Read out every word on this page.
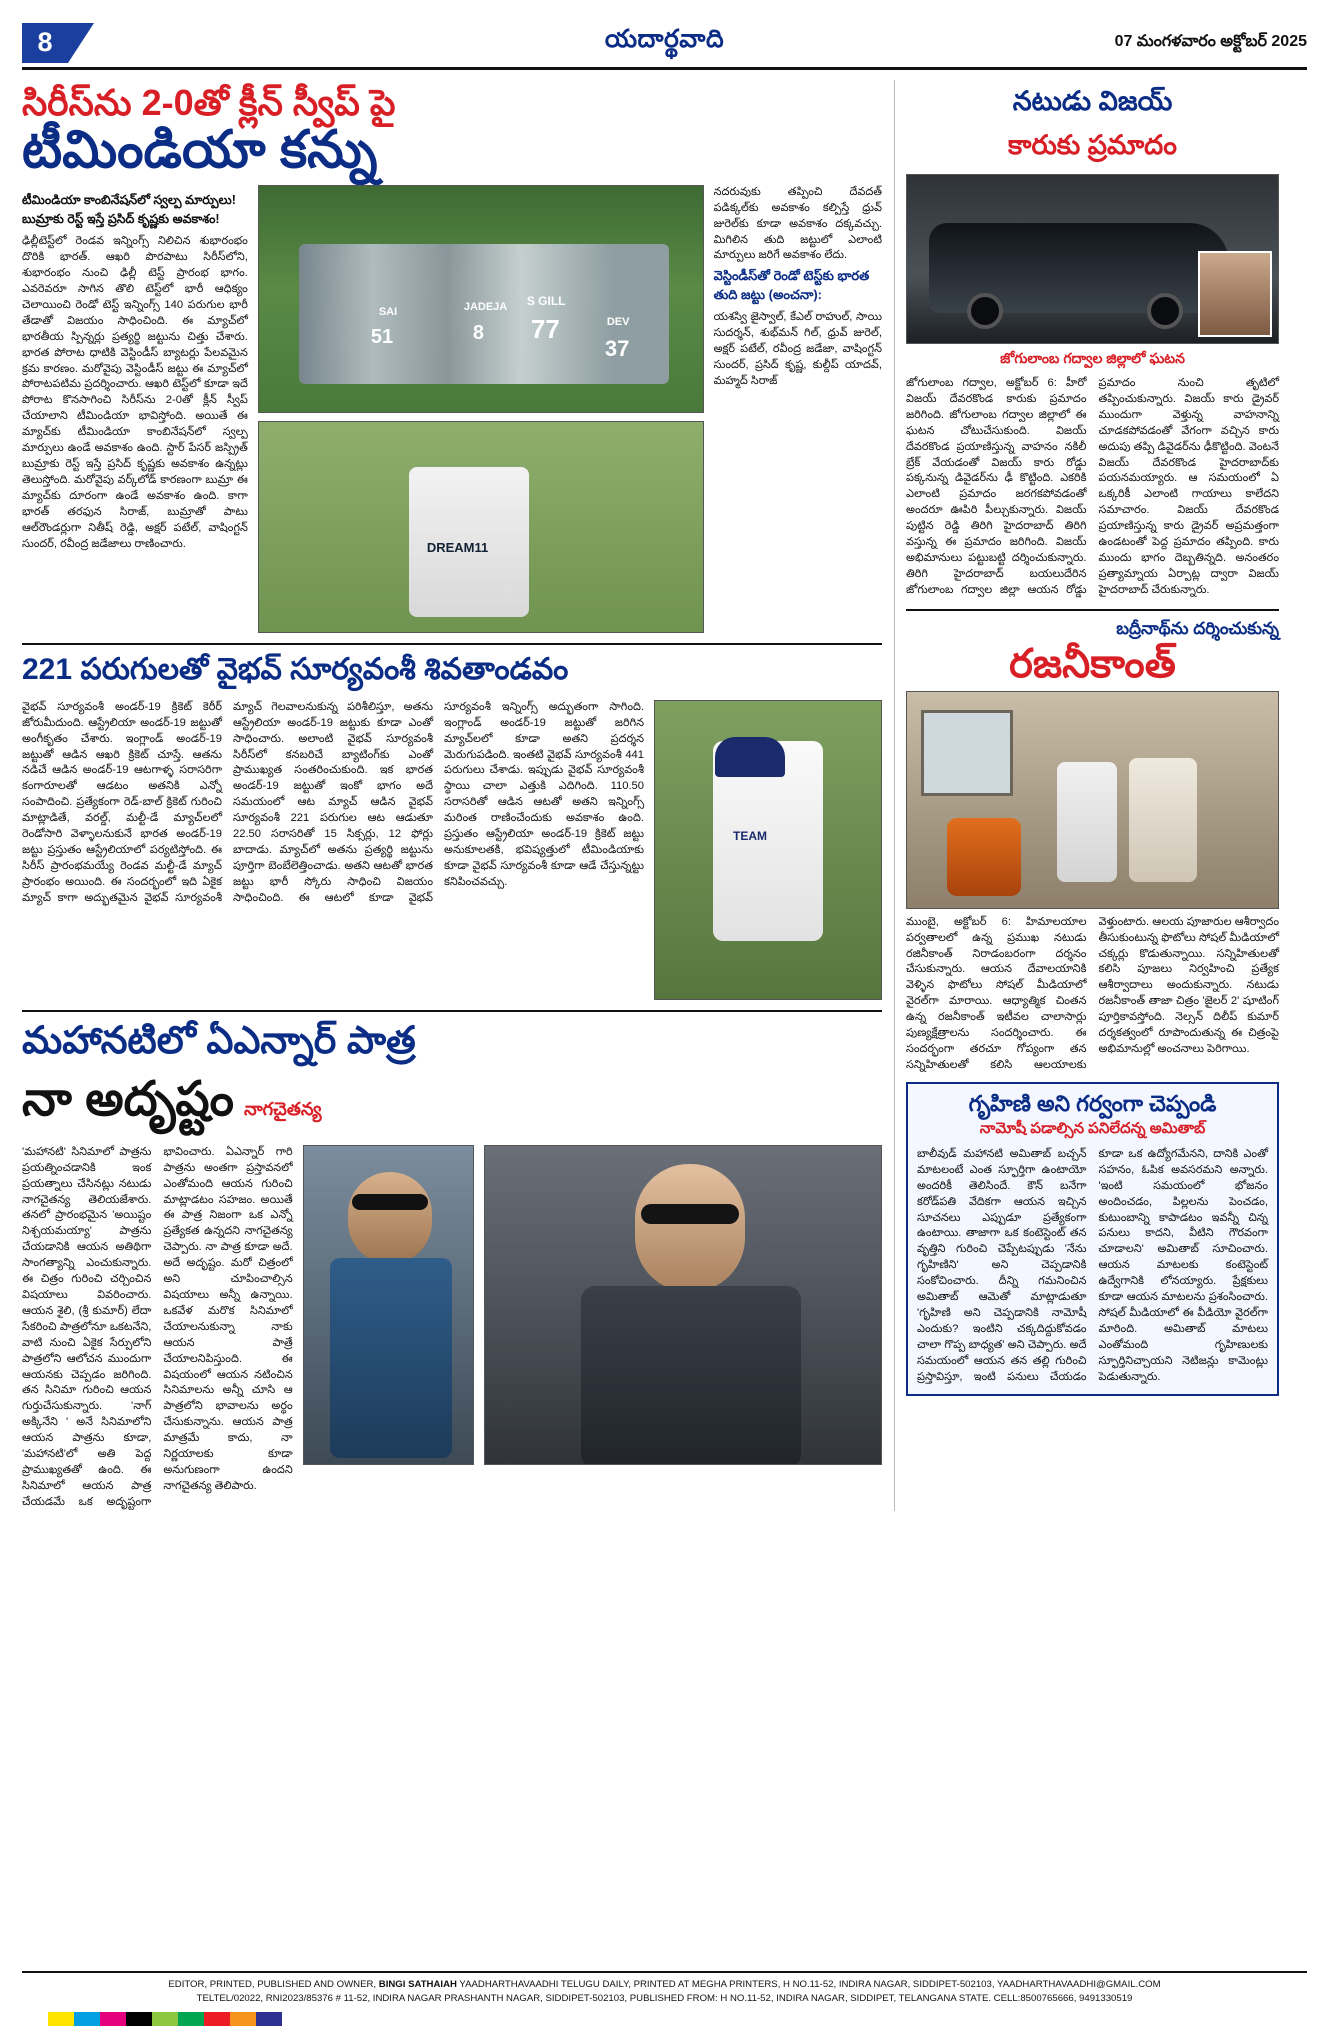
8	యదార్థవాది	07 మంగళవారం అక్టోబర్ 2025
సిరీస్‌ను 2-0తో క్లీన్ స్వీప్ పై
టీమిండియా కన్ను
టీమిండియా కాంబినేషన్‌లో స్వల్ప మార్పులు! బుమ్రాకు రెస్ట్ ఇస్తే ప్రసిద్ కృష్ణకు అవకాశం!
ఢిల్లీటెస్ట్‌లో రెండవ ఇన్నింగ్స్ నిలిచిన శుభారంభం దొరికి భారత్. ఆఖరి పొరపాటు సిరీస్‌లోని, శుభారంభం నుంచి ఢిల్లీ టెస్ట్ ప్రారంభ భాగం. ఎవరెవరూ సాగిన తొలి టెస్ట్‌లో భారీ ఆధిక్యం చెలాయించి రెండో టెస్ట్ ఇన్నింగ్స్ 140 పరుగుల భారీ తేడాతో విజయం సాధించింది. ఈ మ్యాచ్‌లో భారతీయ స్పిన్నర్లు ప్రత్యర్థి జట్టును చిత్తు చేశారు. భారత పోరాట ధాటికి వెస్టిండీస్ బ్యాటర్లు పేలవమైన క్రమ కారణం. మరోవైపు వెస్టిండీస్ జట్టు ఈ మ్యాచ్‌లో పోరాటపటిమ ప్రదర్శించారు. ఆఖరి టెస్ట్‌లో కూడా ఇదే పోరాట కొనసాగించి సిరీస్‌ను 2-0తో క్లీన్ స్వీప్ చేయాలాని టీమిండియా భావిస్తోంది. అయితే ఈ మ్యాచ్‌కు టీమిండియా కాంబినేషన్‌లో స్వల్ప మార్పులు ఉండే అవకాశం ఉంది. స్టార్ పేసర్ జస్ప్రిత్ బుమ్రాకు రెస్ట్ ఇస్తే ప్రసిద్ కృష్ణకు అవకాశం ఉన్నట్లు తెలుస్తోంది. మరోవైపు వర్క్‌లోడ్ కారణంగా బుమ్రా ఈ మ్యాచ్‌కు దూరంగా ఉండే అవకాశం ఉంది. కాగా భారత్ తరఫున సిరాజ్, బుమ్రాతో పాటు ఆల్‌రౌండర్లుగా నితీష్ రెడ్డి, అక్షర్ పటేల్, వాషింగ్టన్ సుందర్, రవీంద్ర జడేజాలు రాణించారు.
SAI
51
JADEJA
8
S GILL
77	DEV
37
DREAM11
నదరువుకు తప్పించి దేవదత్ పడిక్కల్‌కు అవకాశం కల్పిస్తే ధ్రువ్ జురెల్‌కు కూడా అవకాశం దక్కవచ్చు. మిగిలిన తుది జట్టులో ఎలాంటి మార్పులు జరిగే అవకాశం లేదు.
వెస్టిండీస్‌తో రెండో టెస్ట్‌కు భారత తుది జట్టు (అంచనా):
యశస్వి జైస్వాల్, కేఎల్ రాహుల్, సాయి సుదర్శన్, శుభ్‌మన్ గిల్, ధ్రువ్ జురెల్, అక్షర్ పటేల్, రవీంద్ర జడేజా, వాషింగ్టన్ సుందర్, ప్రసిద్ కృష్ణ, కుల్దీప్ యాదవ్, మహ్మద్ సిరాజ్
221 పరుగులతో వైభవ్ సూర్యవంశీ శివతాండవం
వైభవ్ సూర్యవంశీ అండర్-19 క్రికెట్ కెరీర్ జోరుమీదుంది. ఆస్ట్రేలియా అండర్-19 జట్టుతో అంగీకృతం చేశారు. ఇంగ్లాండ్ అండర్-19 జట్టుతో ఆడిన ఆఖరి క్రికెట్ చూస్తే. ఆతను నడిచే ఆడిన అండర్-19 ఆటగాళ్ళ సరాసరిగా కంగారూలతో ఆడటం అతనికి ఎన్నో సంపాదించి. ప్రత్యేకంగా రెడ్-బాల్ క్రికెట్ గురించి మాట్లాడితే, వరల్డ్, మల్టీ-డే మ్యాచ్‌లలో రెండోసారి వెళ్ళాలనుకునే భారత అండర్-19 జట్టు ప్రస్తుతం ఆస్ట్రేలియాలో పర్యటిస్తోంది. ఈ సిరీస్ ప్రారంభమయ్యే రెండవ మల్టీ-డే మ్యాచ్ ప్రారంభం అయింది. ఈ సందర్భంలో ఇది ఏకైక మ్యాచ్ కాగా అద్భుతమైన వైభవ్ సూర్యవంశీ మ్యాచ్ గెలవాలనుకున్న పరిశీలిస్తూ, అతను ఆస్ట్రేలియా అండర్-19 జట్టుకు కూడా ఎంతో సాధించారు. అలాంటి వైభవ్ సూర్యవంశీ సిరీస్‌లో కనబరిచే బ్యాటింగ్‌కు ఎంతో ప్రాముఖ్యత సంతరించుకుంది. ఇక భారత అండర్-19 జట్టుతో ఇంకో భాగం అదే సమయంలో ఆట మ్యాచ్ ఆడిన వైభవ్ సూర్యవంశీ 221 పరుగుల ఆట ఆడుతూ 22.50 సరాసరితో 15 సిక్సర్లు, 12 ఫోర్లు బాదాడు. మ్యాచ్‌లో అతను ప్రత్యర్థి జట్టును పూర్తిగా బెంబేలెత్తించాడు. అతని ఆటతో భారత జట్టు భారీ స్కోరు సాధించి విజయం సాధించింది. ఈ ఆటలో కూడా వైభవ్ సూర్యవంశీ ఇన్నింగ్స్ అద్భుతంగా సాగింది. ఇంగ్లాండ్ అండర్-19 జట్టుతో జరిగిన మ్యాచ్‌లలో కూడా అతని ప్రదర్శన మెరుగుపడింది. ఇంతటి వైభవ్ సూర్యవంశీ 441 పరుగులు చేశాడు. ఇప్పుడు వైభవ్ సూర్యవంశీ స్థాయి చాలా ఎత్తుకి ఎదిగింది. 110.50 సరాసరితో ఆడిన ఆటతో అతని ఇన్నింగ్స్ మరింత రాణించేందుకు అవకాశం ఉంది. ప్రస్తుతం ఆస్ట్రేలియా అండర్-19 క్రికెట్ జట్టు అనుకూలతకి, భవిష్యత్తులో టీమిండియాకు కూడా వైభవ్ సూర్యవంశీ కూడా ఆడే చేస్తున్నట్టు కనిపించవచ్చు.
TEAM
మహానటిలో ఏఎన్నార్ పాత్ర
నా అదృష్టం నాగచైతన్య
'మహానటి' సినిమాలో పాత్రను ప్రయత్నించడానికి ఇంక ప్రయత్నాలు చేసినట్లు నటుడు నాగచైతన్య తెలియజేశారు. తనలో ప్రారంభమైన 'అయిష్టం నిశ్చయమయ్యా' పాత్రను చేయడానికి ఆయన అతిథిగా సాంగత్యాన్ని ఎంచుకున్నారు. ఈ చిత్రం గురించి చర్చించిన విషయాలు వివరించారు. ఆయన శైలి, (శ్రీ కుమార్) లేదా సేకరించి పాత్రలోనూ ఒకటనేని, వాటి నుంచి ఏకైక సేర్పులోని పాత్రలోని ఆలోచన ముందుగా ఆయనకు చెప్పడం జరిగింది. తన సినిమా గురించి ఆయన గుర్తుచేసుకున్నారు. 'నాగ్ అక్కినేని ' అనే సినిమాలోని ఆయన పాత్రను కూడా, 'మహానటి'లో అతి పెద్ద ప్రాముఖ్యతతో ఉంది. ఈ సినిమాలో ఆయన పాత్ర చేయడమే ఒక అదృష్టంగా భావించారు. ఏఎన్నార్ గారి పాత్రను అంతగా ప్రస్తావనలో ఎంతోమంది ఆయన గురించి మాట్లాడటం సహజం. అయితే ఈ పాత్ర నిజంగా ఒక ఎన్నో ప్రత్యేకత ఉన్నదని నాగచైతన్య చెప్పారు. నా పాత్ర కూడా అదే. అదే అదృష్టం. మరో చిత్రంలో అని చూపించాల్సిన విషయాలు అన్నీ ఉన్నాయి. ఒకవేళ మరొక సినిమాలో చేయాలనుకున్నా నాకు ఆయన పాత్రే చేయాలనిపిస్తుంది. ఈ విషయంలో ఆయన నటించిన సినిమాలను అన్నీ చూసి ఆ పాత్రలోని భావాలను అర్థం చేసుకున్నాను. ఆయన పాత్ర మాత్రమే కాదు, నా నిర్ణయాలకు కూడా అనుగుణంగా ఉందని నాగచైతన్య తెలిపారు.
నటుడు విజయ్
కారుకు ప్రమాదం
జోగులాంబ గద్వాల జిల్లాలో ఘటన
జోగులాంబ గద్వాల, అక్టోబర్ 6: హీరో విజయ్ దేవరకొండ కారుకు ప్రమాదం జరిగింది. జోగులాంబ గద్వాల జిల్లాలో ఈ ఘటన చోటుచేసుకుంది. విజయ్ దేవరకొండ ప్రయాణిస్తున్న వాహనం నకిలీ బ్రేక్ వేయడంతో విజయ్ కారు రోడ్డు పక్కనున్న డివైడర్‌ను ఢీ కొట్టింది. ఎకరికి ఎలాంటి ప్రమాదం జరగకపోవడంతో అందరూ ఊపిరి పీల్చుకున్నారు. విజయ్ పుట్టిన రెడ్డి తిరిగి హైదరాబాద్ తిరిగి వస్తున్న ఈ ప్రమాదం జరిగింది. విజయ్ అభిమానులు పట్టుబట్టి దర్శించుకున్నారు. తిరిగి హైదరాబాద్ బయలుదేరిన జోగులాంబ గద్వాల జిల్లా ఆయన రోడ్డు ప్రమాదం నుంచి తృటిలో తప్పించుకున్నారు. విజయ్ కారు డ్రైవర్ ముందుగా వెళ్తున్న వాహనాన్ని చూడకపోవడంతో వేగంగా వచ్చిన కారు అదుపు తప్పి డివైడర్‌ను ఢీకొట్టింది. వెంటనే విజయ్ దేవరకొండ హైదరాబాద్‌కు పయనమయ్యారు. ఆ సమయంలో ఏ ఒక్కరికీ ఎలాంటి గాయాలు కాలేదని సమాచారం. విజయ్ దేవరకొండ ప్రయాణిస్తున్న కారు డ్రైవర్ అప్రమత్తంగా ఉండటంతో పెద్ద ప్రమాదం తప్పింది. కారు ముందు భాగం దెబ్బతిన్నది. అనంతరం ప్రత్యామ్నాయ ఏర్పాట్ల ద్వారా విజయ్ హైదరాబాద్ చేరుకున్నారు.
బద్రీనాథ్‌ను దర్శించుకున్న
రజనీకాంత్
ముంబై, అక్టోబర్ 6: హిమాలయాల పర్వతాలలో ఉన్న ప్రముఖ నటుడు రజినీకాంత్ నిరాడంబరంగా దర్శనం చేసుకున్నారు. ఆయన దేవాలయానికి వెళ్ళిన ఫొటోలు సోషల్ మీడియాలో వైరల్‌గా మారాయి. ఆధ్యాత్మిక చింతన ఉన్న రజనీకాంత్ ఇటీవల చాలాసార్లు పుణ్యక్షేత్రాలను సందర్శించారు. ఈ సందర్భంగా తరచూ గోప్యంగా తన సన్నిహితులతో కలిసి ఆలయాలకు వెళ్తుంటారు. ఆలయ పూజారుల ఆశీర్వాదం తీసుకుంటున్న ఫొటోలు సోషల్ మీడియాలో చక్కర్లు కొడుతున్నాయి. సన్నిహితులతో కలిసి పూజలు నిర్వహించి ప్రత్యేక ఆశీర్వాదాలు అందుకున్నారు. నటుడు రజనీకాంత్ తాజా చిత్రం 'జైలర్ 2' షూటింగ్ పూర్తికావస్తోంది. నెల్సన్ దిలీప్ కుమార్ దర్శకత్వంలో రూపొందుతున్న ఈ చిత్రంపై అభిమానుల్లో అంచనాలు పెరిగాయి.
గృహిణి అని గర్వంగా చెప్పండి
నామోషీ పడాల్సిన పనిలేదన్న అమితాబ్
బాలీవుడ్ మహానటి అమితాబ్ బచ్చన్ మాటలంటే ఎంత స్ఫూర్తిగా ఉంటాయో అందరికీ తెలిసిందే. కౌన్ బనేగా కరోడ్‌పతి వేదికగా ఆయన ఇచ్చిన సూచనలు ఎప్పుడూ ప్రత్యేకంగా ఉంటాయి. తాజాగా ఒక కంటెస్టెంట్ తన వృత్తిని గురించి చెప్పేటప్పుడు 'నేను గృహిణిని' అని చెప్పడానికి సంకోచించారు. దీన్ని గమనించిన అమితాబ్ ఆమెతో మాట్లాడుతూ 'గృహిణి అని చెప్పడానికి నామోషీ ఎందుకు? ఇంటిని చక్కదిద్దుకోవడం చాలా గొప్ప బాధ్యత' అని చెప్పారు. అదే సమయంలో ఆయన తన తల్లి గురించి ప్రస్తావిస్తూ, ఇంటి పనులు చేయడం కూడా ఒక ఉద్యోగమేనని, దానికి ఎంతో సహనం, ఓపిక అవసరమని అన్నారు. 'ఇంటి సమయంలో భోజనం అందించడం, పిల్లలను పెంచడం, కుటుంబాన్ని కాపాడటం ఇవన్నీ చిన్న పనులు కాదని, వీటిని గౌరవంగా చూడాలని' అమితాబ్ సూచించారు. ఆయన మాటలకు కంటెస్టెంట్ ఉద్వేగానికి లోనయ్యారు. ప్రేక్షకులు కూడా ఆయన మాటలను ప్రశంసించారు. సోషల్ మీడియాలో ఈ వీడియో వైరల్‌గా మారింది. అమితాబ్ మాటలు ఎంతోమంది గృహిణులకు స్ఫూర్తినిచ్చాయని నెటిజన్లు కామెంట్లు పెడుతున్నారు.
EDITOR, PRINTED, PUBLISHED AND OWNER, BINGI SATHAIAH YAADHARTHAVAADHI TELUGU DAILY, PRINTED AT MEGHA PRINTERS, H NO.11-52, INDIRA NAGAR, SIDDIPET-502103, YAADHARTHAVAADHI@GMAIL.COM
TELTEL/02022, RNI2023/85376 # 11-52, INDIRA NAGAR PRASHANTH NAGAR, SIDDIPET-502103, PUBLISHED FROM: H NO.11-52, INDIRA NAGAR, SIDDIPET, TELANGANA STATE. CELL:8500765666, 9491330519
